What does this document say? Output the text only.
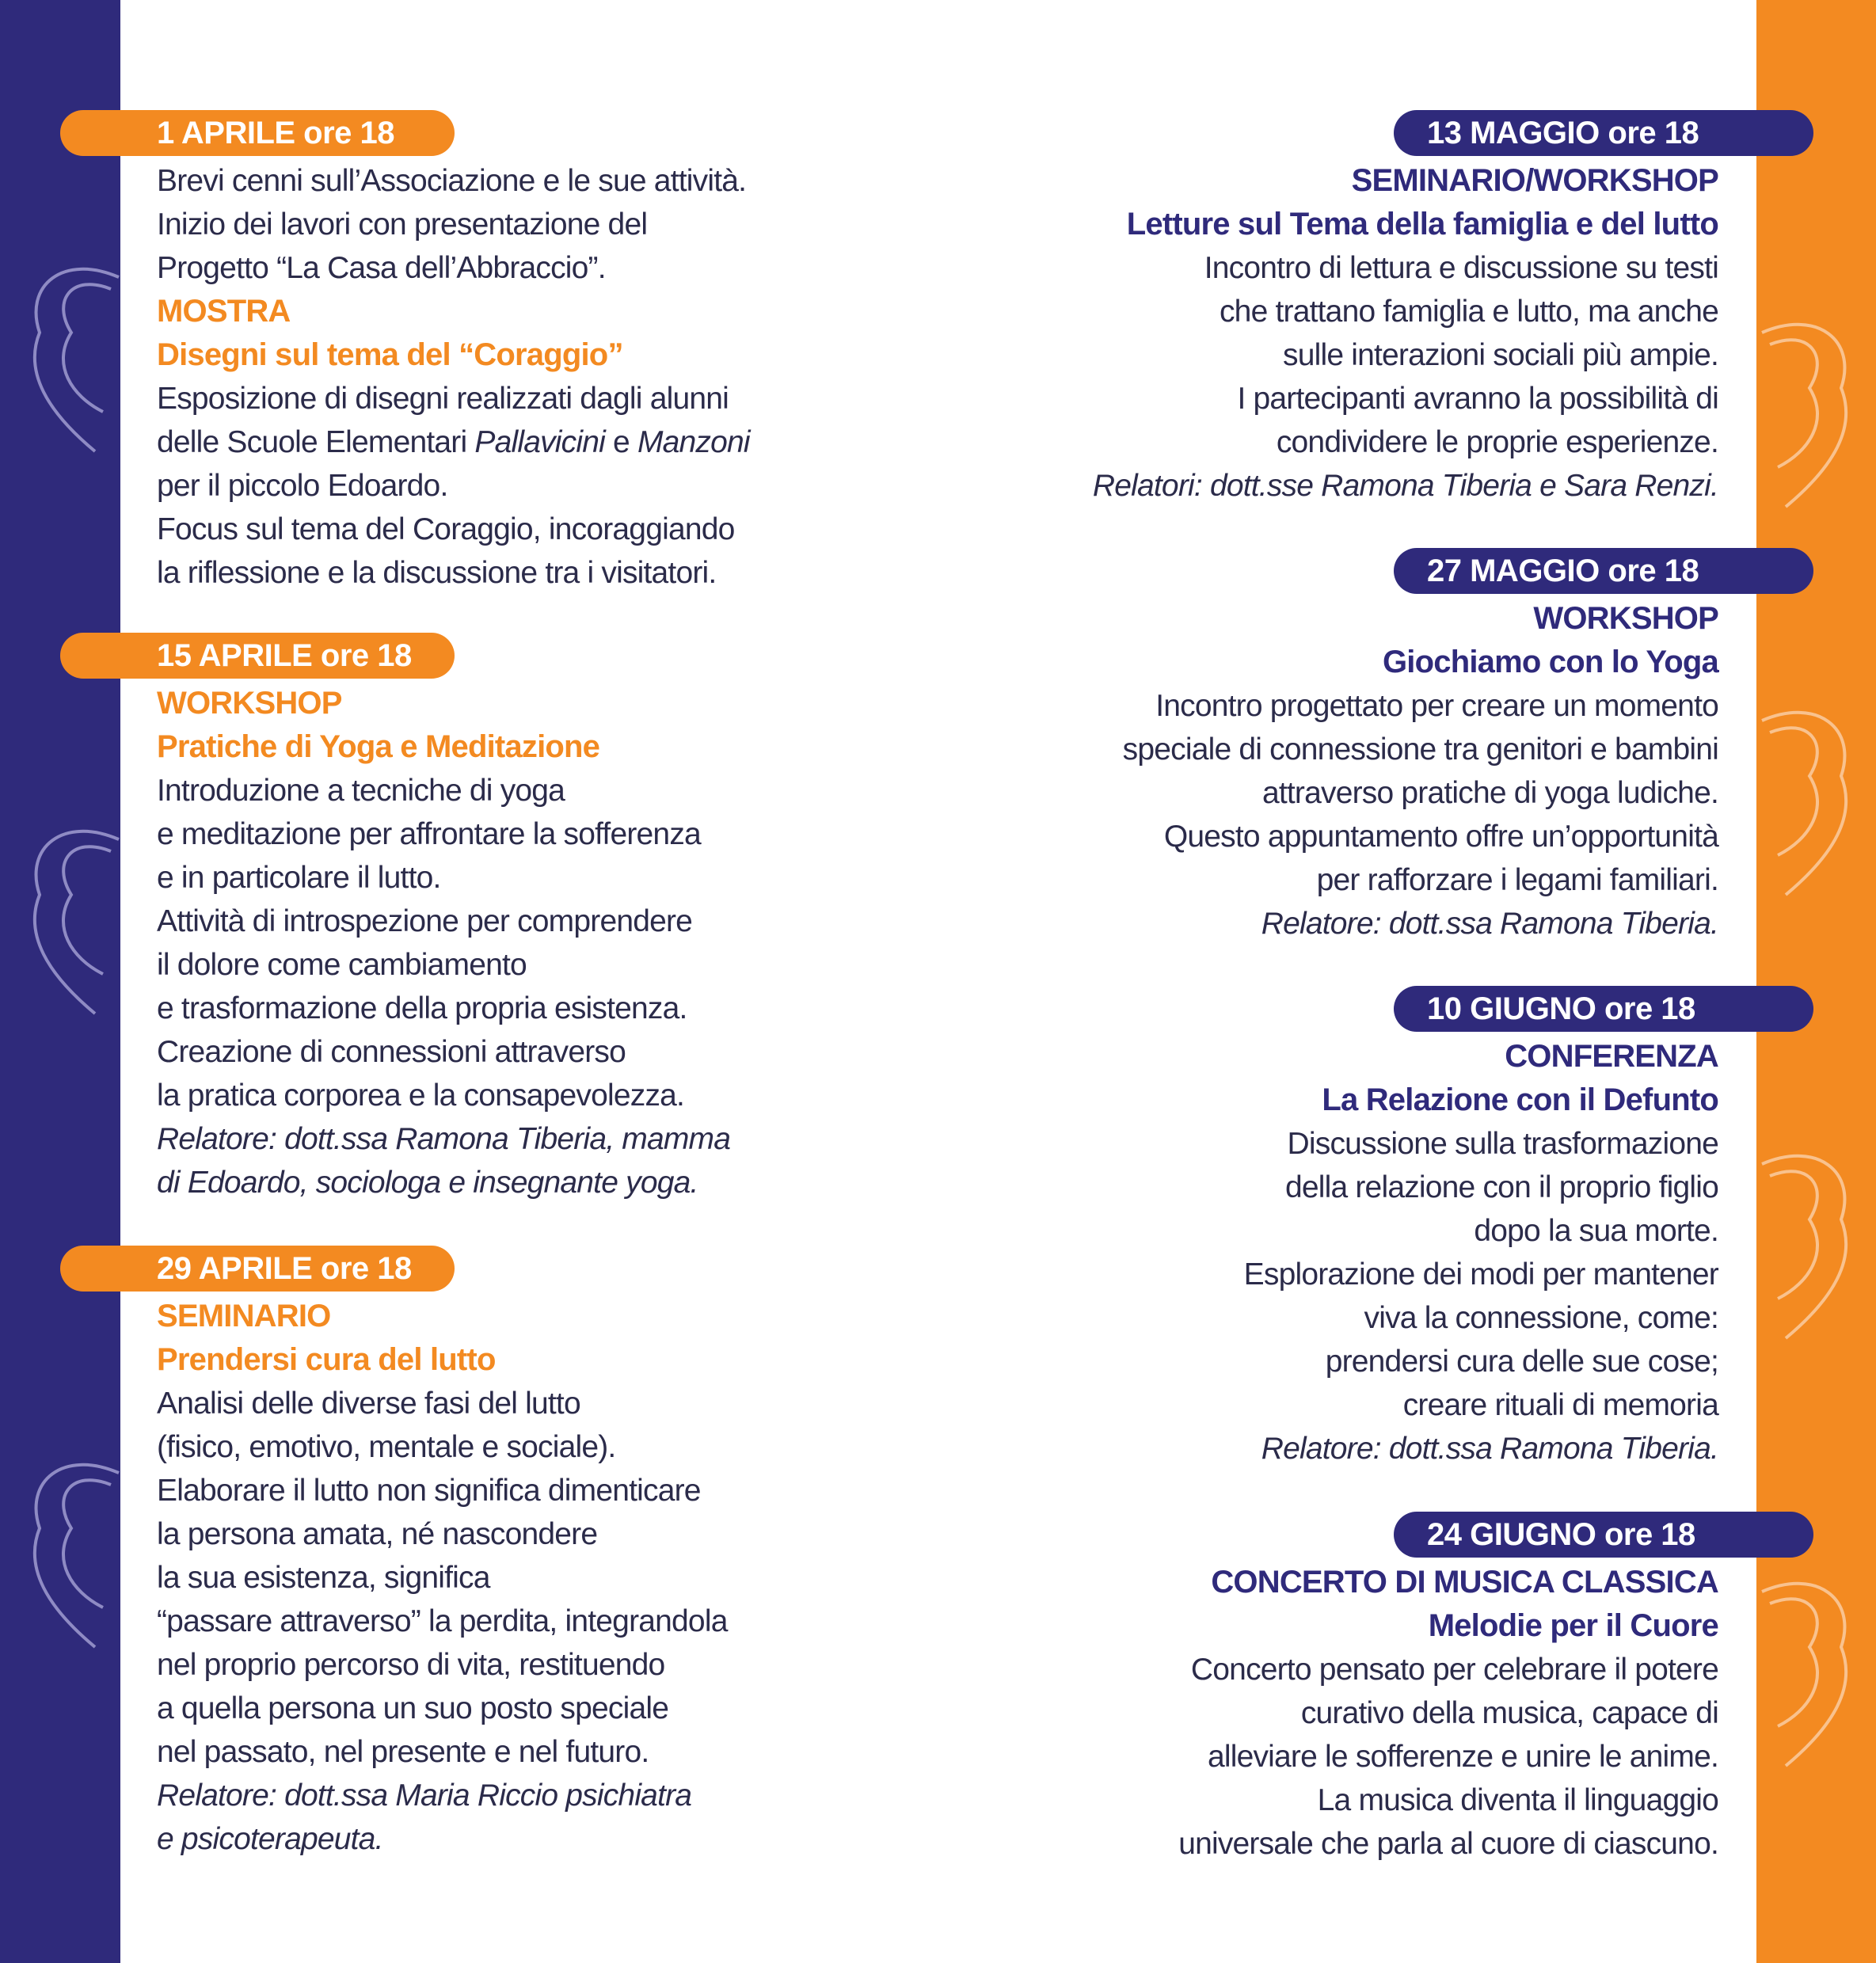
1 APRILE ore 18
Brevi cenni sull’Associazione e le sue attività.
Inizio dei lavori con presentazione del
Progetto “La Casa dell’Abbraccio”.
MOSTRA
Disegni sul tema del “Coraggio”
Esposizione di disegni realizzati dagli alunni
delle Scuole Elementari Pallavicini e Manzoni
per il piccolo Edoardo.
Focus sul tema del Coraggio, incoraggiando
la riflessione e la discussione tra i visitatori.
15 APRILE ore 18
WORKSHOP
Pratiche di Yoga e Meditazione
Introduzione a tecniche di yoga
e meditazione per affrontare la sofferenza
e in particolare il lutto.
Attività di introspezione per comprendere
il dolore come cambiamento
e trasformazione della propria esistenza.
Creazione di connessioni attraverso
la pratica corporea e la consapevolezza.
Relatore: dott.ssa Ramona Tiberia, mamma
di Edoardo, sociologa e insegnante yoga.
29 APRILE ore 18
SEMINARIO
Prendersi cura del lutto
Analisi delle diverse fasi del lutto
(fisico, emotivo, mentale e sociale).
Elaborare il lutto non significa dimenticare
la persona amata, né nascondere
la sua esistenza, significa
“passare attraverso” la perdita, integrandola
nel proprio percorso di vita, restituendo
a quella persona un suo posto speciale
nel passato, nel presente e nel futuro.
Relatore: dott.ssa Maria Riccio psichiatra
e psicoterapeuta.
13 MAGGIO ore 18
SEMINARIO/WORKSHOP
Letture sul Tema della famiglia e del lutto
Incontro di lettura e discussione su testi
che trattano famiglia e lutto, ma anche
sulle interazioni sociali più ampie.
I partecipanti avranno la possibilità di
condividere le proprie esperienze.
Relatori: dott.sse Ramona Tiberia e Sara Renzi.
27 MAGGIO ore 18
WORKSHOP
Giochiamo con lo Yoga
Incontro progettato per creare un momento
speciale di connessione tra genitori e bambini
attraverso pratiche di yoga ludiche.
Questo appuntamento offre un’opportunità
per rafforzare i legami familiari.
Relatore: dott.ssa Ramona Tiberia.
10 GIUGNO ore 18
CONFERENZA
La Relazione con il Defunto
Discussione sulla trasformazione
della relazione con il proprio figlio
dopo la sua morte.
Esplorazione dei modi per mantener
viva la connessione, come:
prendersi cura delle sue cose;
creare rituali di memoria
Relatore: dott.ssa Ramona Tiberia.
24 GIUGNO ore 18
CONCERTO DI MUSICA CLASSICA
Melodie per il Cuore
Concerto pensato per celebrare il potere
curativo della musica, capace di
alleviare le sofferenze e unire le anime.
La musica diventa il linguaggio
universale che parla al cuore di ciascuno.
